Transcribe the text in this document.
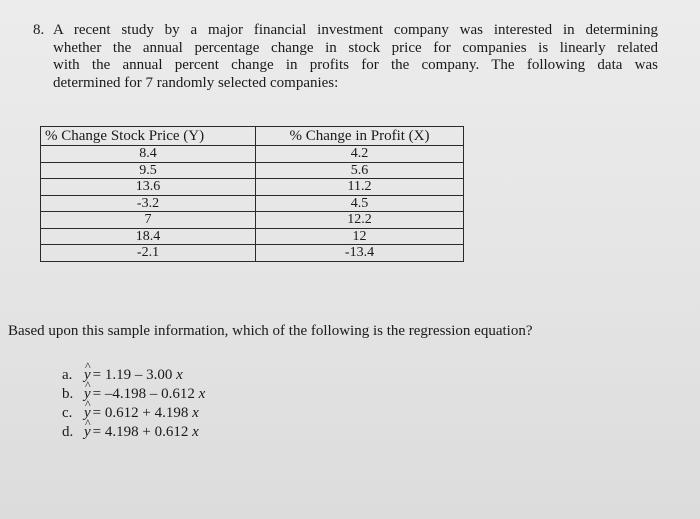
8. A recent study by a major financial investment company was interested in determining
whether the annual percentage change in stock price for companies is linearly related
with the annual percent change in profits for the company. The following data was
determined for 7 randomly selected companies:
% Change Stock Price (Y)	% Change in Profit (X)
8.4	4.2
9.5	5.6
13.6	11.2
-3.2	4.5
7	12.2
18.4	12
-2.1	-13.4
Based upon this sample information, which of the following is the regression equation?
a. ^ y = 1.19 – 3.00
x
b. ^ y = –4.198 – 0.612
x
c. ^ y = 0.612 + 4.198
x
d. ^ y = 4.198 + 0.612
x
